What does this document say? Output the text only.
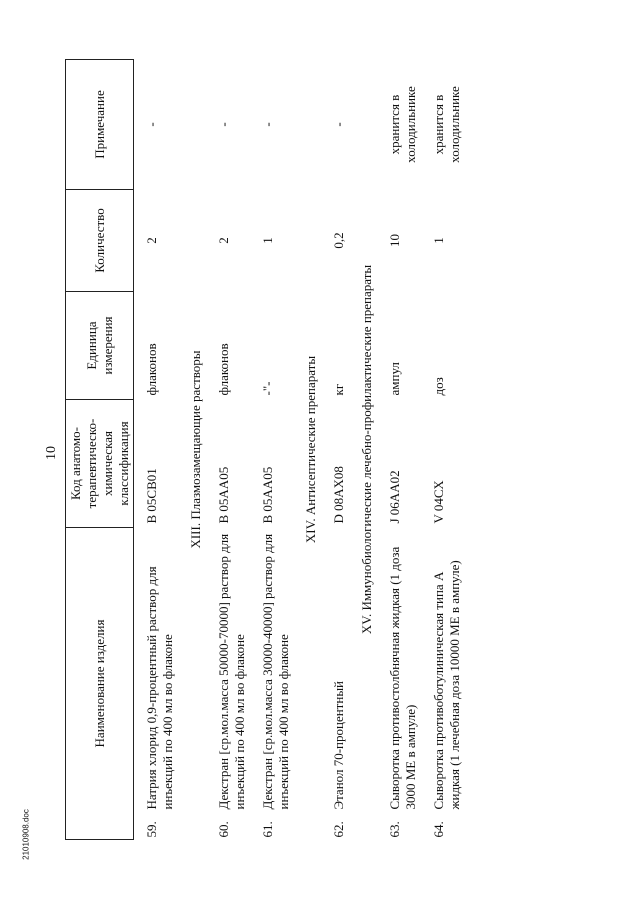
10
Наименование изделия		Код анатомо-терапевтическо-химическая классификация	Единица измерения	Количество	Примечание
59.	Натрия хлорид 0,9-процентный раствор для инъекций по 400 мл во флаконе	В 05СВ01	флаконов	2	-
XIII. Плазмозамещающие растворы					
60.	Декстран [ср.мол.масса 50000-70000] раствор для инъекций по 400 мл во флаконе	В 05АА05	флаконов	2	-
61.	Декстран [ср.мол.масса 30000-40000] раствор для инъекций по 400 мл во флаконе	В 05АА05	-"-	1	-
XIV. Антисептические препараты					
62.	Этанол 70-процентный	D 08АХ08	кг	0,2	-
XV. Иммунобиологические лечебно-профилактические препараты					
63.	Сыворотка противостолбнячная жидкая (1 доза 3000 МЕ в ампуле)	J 06АА02	ампул	10	хранится в холодильнике
64.	Сыворотка противоботулиническая типа А жидкая (1 лечебная доза 10000 МЕ в ампуле)	V 04СХ	доз	1	хранится в холодильнике
21010908.doc
